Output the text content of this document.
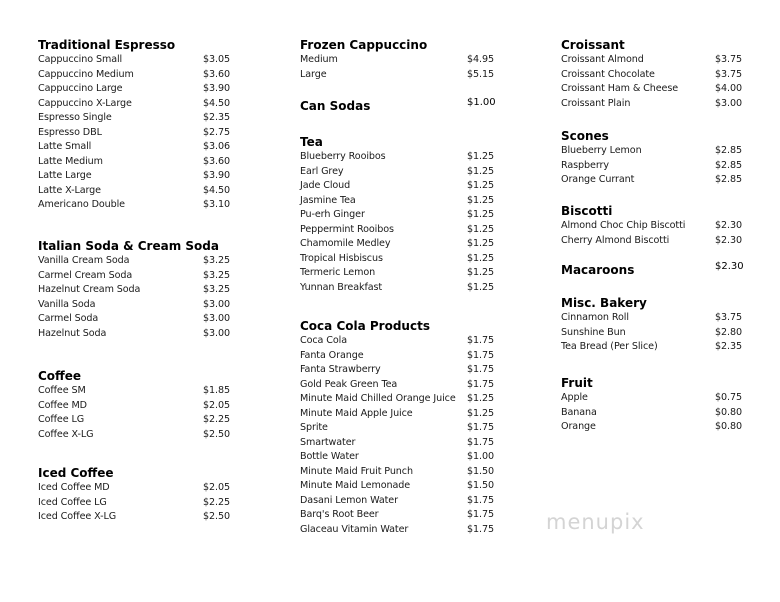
Traditional Espresso
Cappuccino Small	$3.05
Cappuccino Medium	$3.60
Cappuccino Large	$3.90
Cappuccino X-Large	$4.50
Espresso Single	$2.35
Espresso DBL	$2.75
Latte Small	$3.06
Latte Medium	$3.60
Latte Large	$3.90
Latte X-Large	$4.50
Americano Double	$3.10
Italian Soda & Cream Soda
Vanilla Cream Soda	$3.25
Carmel Cream Soda	$3.25
Hazelnut Cream Soda	$3.25
Vanilla Soda	$3.00
Carmel Soda	$3.00
Hazelnut Soda	$3.00
Coffee
Coffee SM	$1.85
Coffee MD	$2.05
Coffee LG	$2.25
Coffee X-LG	$2.50
Iced Coffee
Iced Coffee MD	$2.05
Iced Coffee LG	$2.25
Iced Coffee X-LG	$2.50
Frozen Cappuccino
Medium	$4.95
Large	$5.15
Can Sodas	$1.00
Tea
Blueberry Rooibos	$1.25
Earl Grey	$1.25
Jade Cloud	$1.25
Jasmine Tea	$1.25
Pu-erh Ginger	$1.25
Peppermint Rooibos	$1.25
Chamomile Medley	$1.25
Tropical Hisbiscus	$1.25
Termeric Lemon	$1.25
Yunnan Breakfast	$1.25
Coca Cola Products
Coca Cola	$1.75
Fanta Orange	$1.75
Fanta Strawberry	$1.75
Gold Peak Green Tea	$1.75
Minute Maid Chilled Orange Juice $1.25
Minute Maid Apple Juice	$1.25
Sprite	$1.75
Smartwater	$1.75
Bottle Water	$1.00
Minute Maid Fruit Punch	$1.50
Minute Maid Lemonade	$1.50
Dasani Lemon Water	$1.75
Barq's Root Beer	$1.75
Glaceau Vitamin Water	$1.75
Croissant
Croissant Almond	$3.75
Croissant Chocolate	$3.75
Croissant Ham & Cheese	$4.00
Croissant Plain	$3.00
Scones
Blueberry Lemon	$2.85
Raspberry	$2.85
Orange Currant	$2.85
Biscotti
Almond Choc Chip Biscotti	$2.30
Cherry Almond Biscotti	$2.30
Macaroons	$2.30
Misc. Bakery
Cinnamon Roll	$3.75
Sunshine Bun	$2.80
Tea Bread (Per Slice)	$2.35
Fruit
Apple	$0.75
Banana	$0.80
Orange	$0.80
menupix
